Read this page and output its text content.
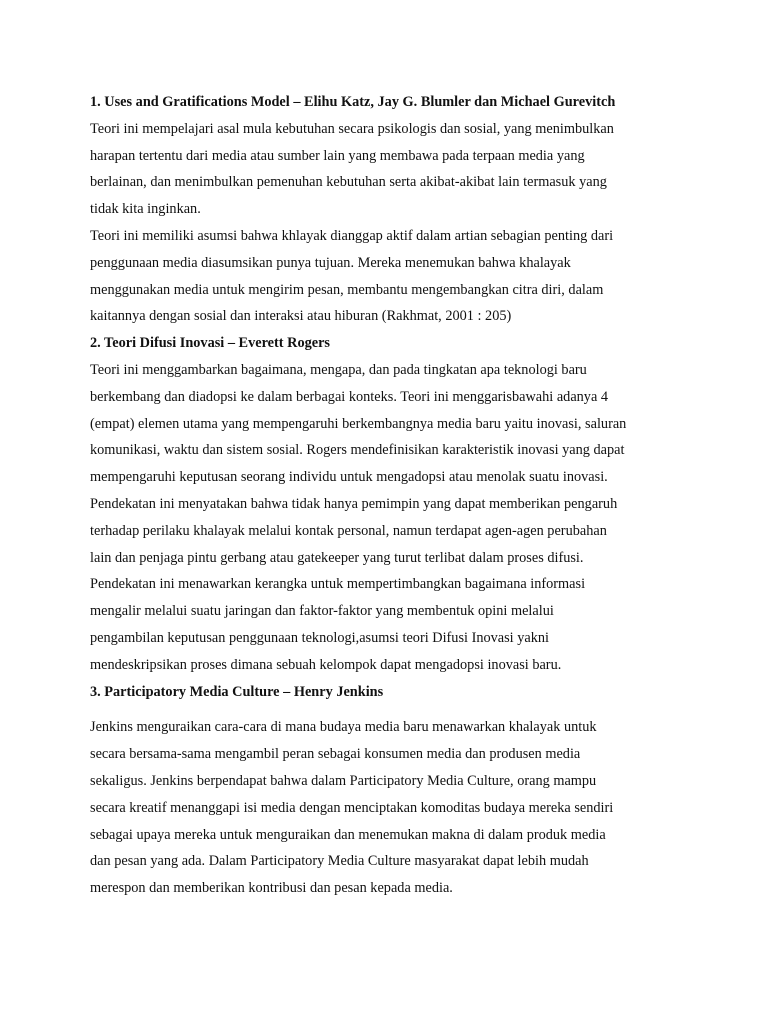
1. Uses and Gratifications Model – Elihu Katz, Jay G. Blumler dan Michael Gurevitch
Teori ini mempelajari asal mula kebutuhan secara psikologis dan sosial, yang menimbulkan
harapan tertentu dari media atau sumber lain yang membawa pada terpaan media yang
berlainan, dan menimbulkan pemenuhan kebutuhan serta akibat-akibat lain termasuk yang
tidak kita inginkan.
Teori ini memiliki asumsi bahwa khlayak dianggap aktif dalam artian sebagian penting dari
penggunaan media diasumsikan punya tujuan. Mereka menemukan bahwa khalayak
menggunakan media untuk mengirim pesan, membantu mengembangkan citra diri, dalam
kaitannya dengan sosial dan interaksi atau hiburan (Rakhmat, 2001 : 205)
2. Teori Difusi Inovasi – Everett Rogers
Teori ini menggambarkan bagaimana, mengapa, dan pada tingkatan apa teknologi baru
berkembang dan diadopsi ke dalam berbagai konteks. Teori ini menggarisbawahi adanya 4
(empat) elemen utama yang mempengaruhi berkembangnya media baru yaitu inovasi, saluran
komunikasi, waktu dan sistem sosial. Rogers mendefinisikan karakteristik inovasi yang dapat
mempengaruhi keputusan seorang individu untuk mengadopsi atau menolak suatu inovasi.
Pendekatan ini menyatakan bahwa tidak hanya pemimpin yang dapat memberikan pengaruh
terhadap perilaku khalayak melalui kontak personal, namun terdapat agen-agen perubahan
lain dan penjaga pintu gerbang atau gatekeeper yang turut terlibat dalam proses difusi.
Pendekatan ini menawarkan kerangka untuk mempertimbangkan bagaimana informasi
mengalir melalui suatu jaringan dan faktor-faktor yang membentuk opini melalui
pengambilan keputusan penggunaan teknologi,asumsi teori Difusi Inovasi yakni
mendeskripsikan proses dimana sebuah kelompok dapat mengadopsi inovasi baru.
3. Participatory Media Culture – Henry Jenkins
Jenkins menguraikan cara-cara di mana budaya media baru menawarkan khalayak untuk
secara bersama-sama mengambil peran sebagai konsumen media dan produsen media
sekaligus. Jenkins berpendapat bahwa dalam Participatory Media Culture, orang mampu
secara kreatif menanggapi isi media dengan menciptakan komoditas budaya mereka sendiri
sebagai upaya mereka untuk menguraikan dan menemukan makna di dalam produk media
dan pesan yang ada. Dalam Participatory Media Culture masyarakat dapat lebih mudah
merespon dan memberikan kontribusi dan pesan kepada media.
